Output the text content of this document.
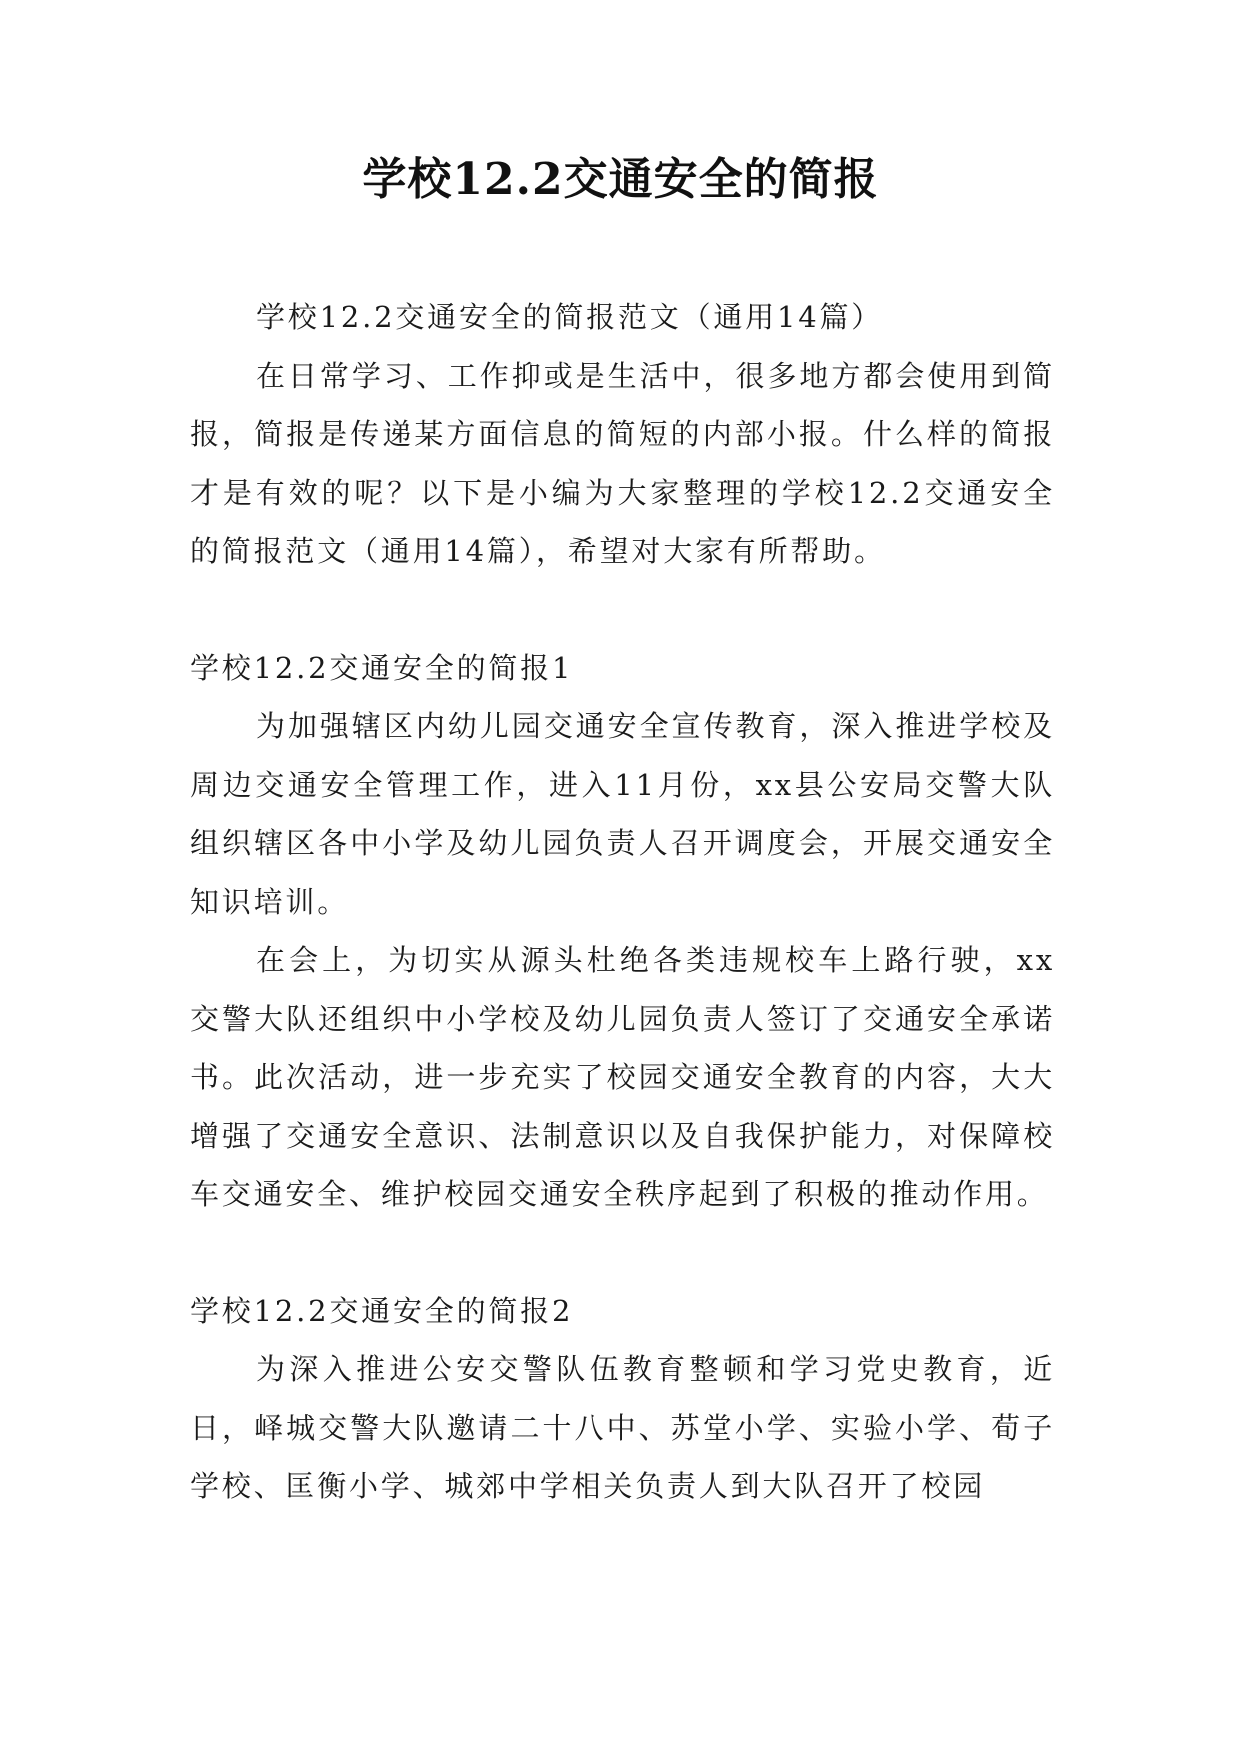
学校12.2交通安全的简报

学校12.2交通安全的简报范文（通用14篇）

在日常学习、工作抑或是生活中，很多地方都会使用到简报，简报是传递某方面信息的简短的内部小报。什么样的简报才是有效的呢？以下是小编为大家整理的学校12.2交通安全的简报范文（通用14篇），希望对大家有所帮助。

学校12.2交通安全的简报1

为加强辖区内幼儿园交通安全宣传教育，深入推进学校及周边交通安全管理工作，进入11月份，xx县公安局交警大队组织辖区各中小学及幼儿园负责人召开调度会，开展交通安全知识培训。

在会上，为切实从源头杜绝各类违规校车上路行驶，xx交警大队还组织中小学校及幼儿园负责人签订了交通安全承诺书。此次活动，进一步充实了校园交通安全教育的内容，大大增强了交通安全意识、法制意识以及自我保护能力，对保障校车交通安全、维护校园交通安全秩序起到了积极的推动作用。

学校12.2交通安全的简报2

为深入推进公安交警队伍教育整顿和学习党史教育，近日，峄城交警大队邀请二十八中、苏堂小学、实验小学、荀子学校、匡衡小学、城郊中学相关负责人到大队召开了校园
